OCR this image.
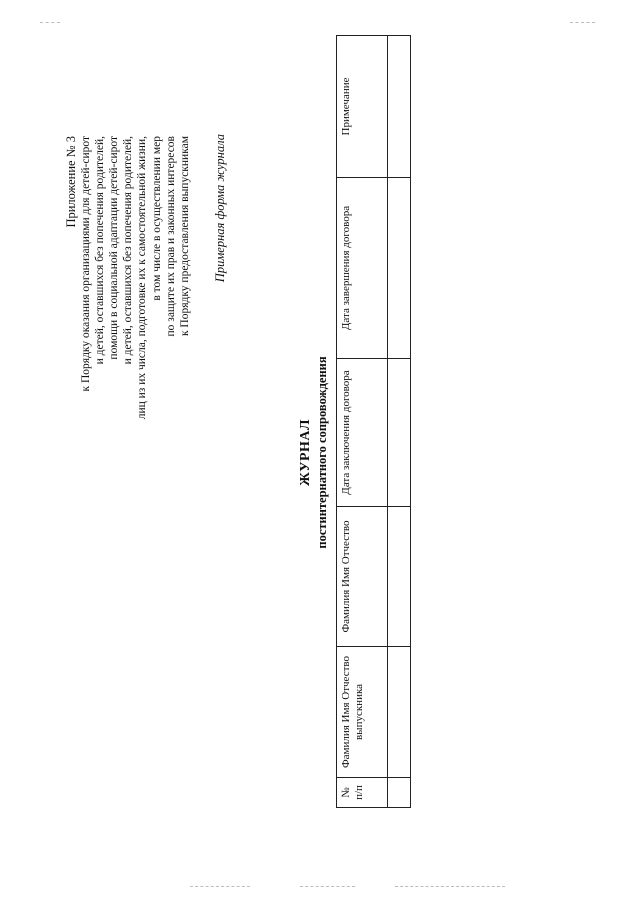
Приложение № 3 к Порядку оказания организациями для детей-сирот и детей, оставшихся без попечения родителей, помощи в социальной адаптации детей-сирот и детей, оставшихся без попечения родителей, лиц из их числа, подготовке их к самостоятельной жизни, в том числе в осуществлении мер по защите их прав и законных интересов к Порядку предоставления выпускникам Примерная форма журнала
ЖУРНАЛ постинтернатного сопровождения
№ п/п	Фамилия Имя Отчество выпускника	Фамилия Имя Отчество	Дата заключения договора	Дата завершения договора	Примечание
